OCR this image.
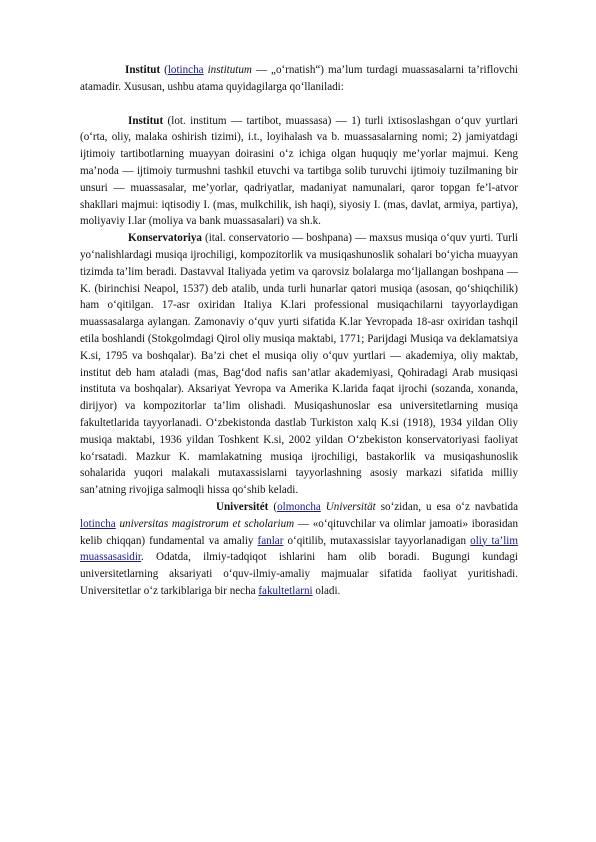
Institut (lotincha institutum — „o‘rnatish“) ma’lum turdagi muassasalarni ta’riflovchi atamadir. Xususan, ushbu atama quyidagilarga qo‘llaniladi:

Institut (lot. institum — tartibot, muassasa) — 1) turli ixtisoslashgan o‘quv yurtlari (o‘rta, oliy, malaka oshirish tizimi), i.t., loyihalash va b. muassasalarning nomi; 2) jamiyatdagi ijtimoiy tartibotlarning muayyan doirasini o‘z ichiga olgan huquqiy me’yorlar majmui. Keng ma’noda — ijtimoiy turmushni tashkil etuvchi va tartibga solib turuvchi ijtimoiy tuzilmaning bir unsuri — muassasalar, me’yorlar, qadriyatlar, madaniyat namunalari, qaror topgan fe’l-atvor shakllari majmui: iqtisodiy I. (mas, mulkchilik, ish haqi), siyosiy I. (mas, davlat, armiya, partiya), moliyaviy I.lar (moliya va bank muassasalari) va sh.k.

Konservatoriya (ital. conservatorio — boshpana) — maxsus musiqa o‘quv yurti. Turli yo‘nalishlardagi musiqa ijrochiligi, kompozitorlik va musiqashunoslik sohalari bo‘yicha muayyan tizimda ta’lim beradi. Dastavval Italiyada yetim va qarovsiz bolalarga mo‘ljallangan boshpana — K. (birinchisi Neapol, 1537) deb atalib, unda turli hunarlar qatori musiqa (asosan, qo‘shiqchilik) ham o‘qitilgan. 17-asr oxiridan Italiya K.lari professional musiqachilarni tayyorlaydigan muassasalarga aylangan. Zamonaviy o‘quv yurti sifatida K.lar Yevropada 18-asr oxiridan tashqil etila boshlandi (Stokgolmdagi Qirol oliy musiqa maktabi, 1771; Parijdagi Musiqa va deklamatsiya K.si, 1795 va boshqalar). Ba’zi chet el musiqa oliy o‘quv yurtlari — akademiya, oliy maktab, institut deb ham ataladi (mas, Bag‘dod nafis san’atlar akademiyasi, Qohiradagi Arab musiqasi instituta va boshqalar). Aksariyat Yevropa va Amerika K.larida faqat ijrochi (sozanda, xonanda, dirijyor) va kompozitorlar ta’lim olishadi. Musiqashunoslar esa universitetlarning musiqa fakultetlarida tayyorlanadi. O‘zbekistonda dastlab Turkiston xalq K.si (1918), 1934 yildan Oliy musiqa maktabi, 1936 yildan Toshkent K.si, 2002 yildan O‘zbekiston konservatoriyasi faoliyat ko‘rsatadi. Mazkur K. mamlakatning musiqa ijrochiligi, bastakorlik va musiqashunoslik sohalarida yuqori malakali mutaxassislarni tayyorlashning asosiy markazi sifatida milliy san’atning rivojiga salmoqli hissa qo‘shib keladi.

Universitét (olmoncha Universität so‘zidan, u esa o‘z navbatida lotincha universitas magistrorum et scholarium — «o‘qituvchilar va olimlar jamoati» iborasidan kelib chiqqan) fundamental va amaliy fanlar o‘qitilib, mutaxassislar tayyorlanadigan oliy ta’lim muassasasidir. Odatda, ilmiy-tadqiqot ishlarini ham olib boradi. Bugungi kundagi universitetlarning aksariyati o‘quv-ilmiy-amaliy majmualar sifatida faoliyat yuritishadi. Universitetlar o‘z tarkiblariga bir necha fakultetlarni oladi.
